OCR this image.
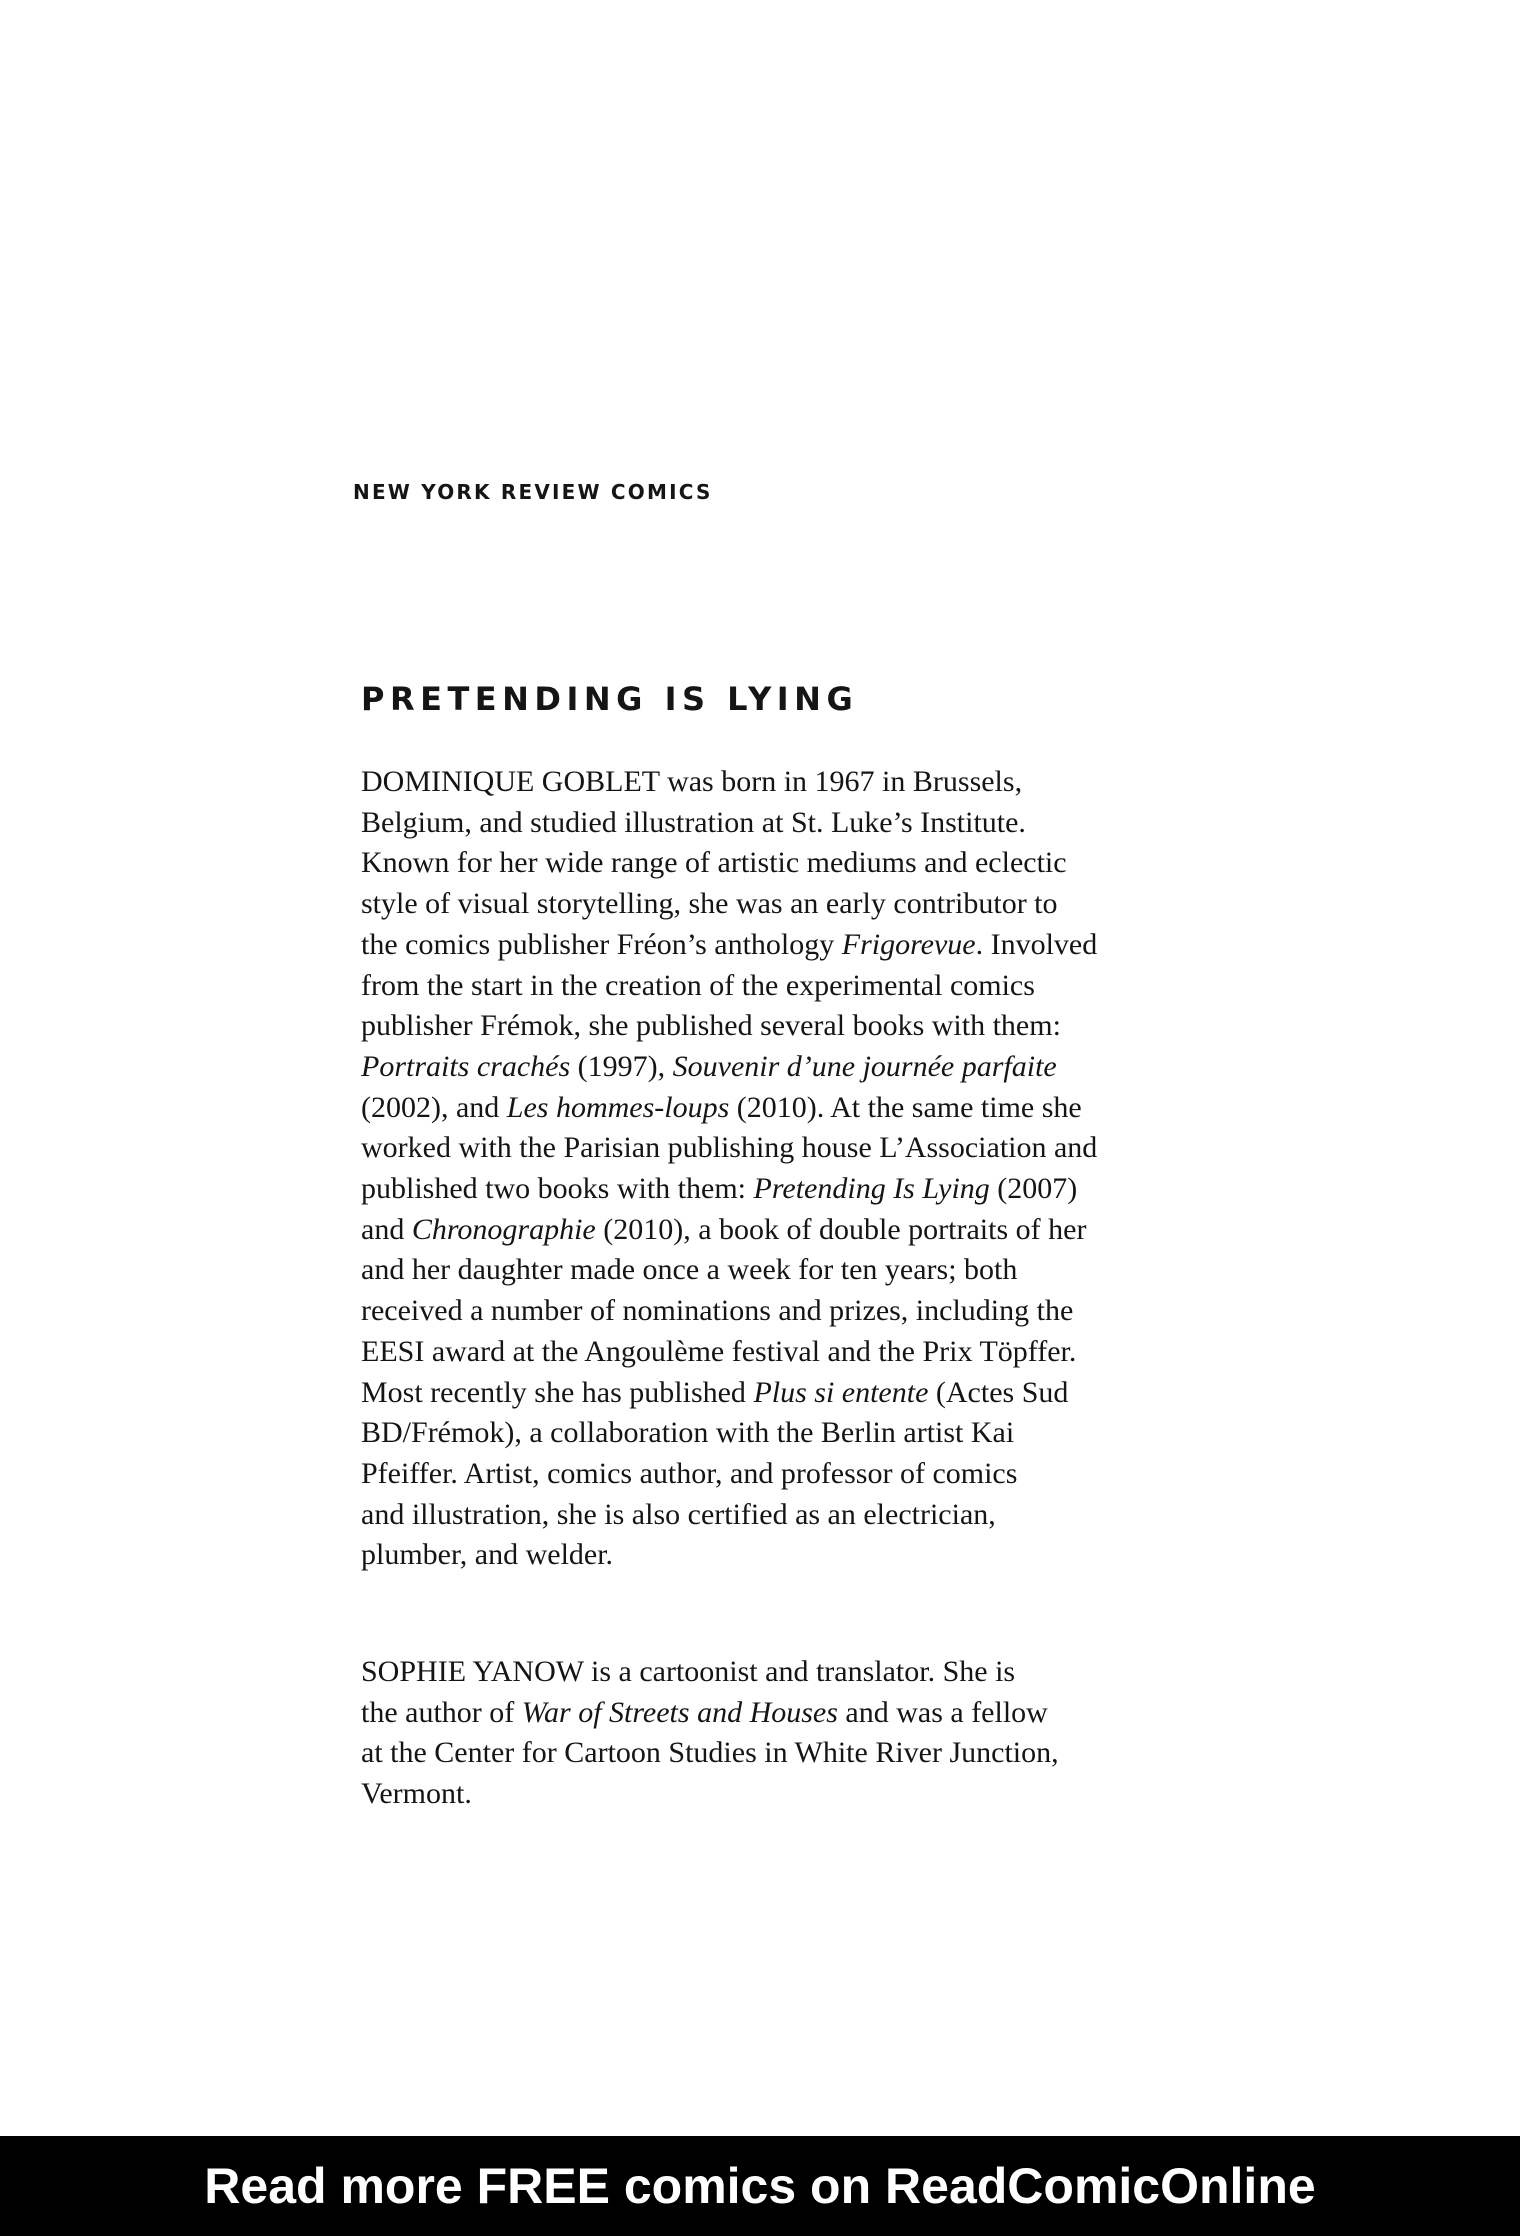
NEW YORK REVIEW COMICS

PRETENDING IS LYING
DOMINIQUE GOBLET was born in 1967 in Brussels,
Belgium, and studied illustration at St. Luke’s Institute.
Known for her wide range of artistic mediums and eclectic
style of visual storytelling, she was an early contributor to
the comics publisher Fréon’s anthology Frigorevue. Involved
from the start in the creation of the experimental comics
publisher Frémok, she published several books with them:
Portraits crachés (1997), Souvenir d’une journée parfaite
(2002), and Les hommes-loups (2010). At the same time she
worked with the Parisian publishing house L’Association and
published two books with them: Pretending Is Lying (2007)
and Chronographie (2010), a book of double portraits of her
and her daughter made once a week for ten years; both
received a number of nominations and prizes, including the
EESI award at the Angoulème festival and the Prix Töpffer.
Most recently she has published Plus si entente (Actes Sud
BD/Frémok), a collaboration with the Berlin artist Kai
Pfeiffer. Artist, comics author, and professor of comics
and illustration, she is also certified as an electrician,
plumber, and welder.
SOPHIE YANOW is a cartoonist and translator. She is
the author of War of Streets and Houses and was a fellow
at the Center for Cartoon Studies in White River Junction,
Vermont.
Read more FREE comics on ReadComicOnline
